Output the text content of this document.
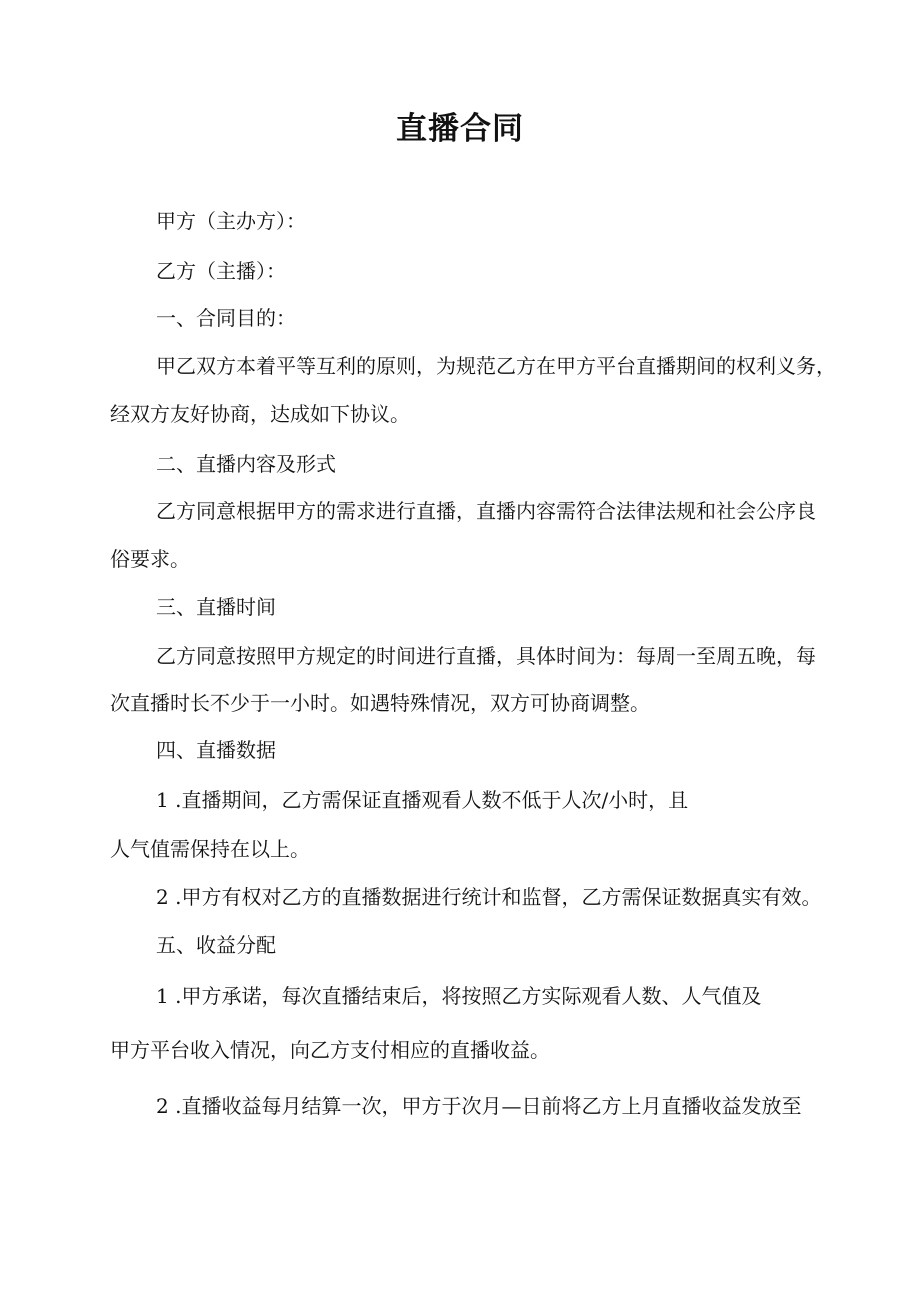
直播合同
甲方（主办方）：
乙方（主播）：
一、合同目的：
甲乙双方本着平等互利的原则，为规范乙方在甲方平台直播期间的权利义务，
经双方友好协商，达成如下协议。
二、直播内容及形式
乙方同意根据甲方的需求进行直播，直播内容需符合法律法规和社会公序良
俗要求。
三、直播时间
乙方同意按照甲方规定的时间进行直播，具体时间为：每周一至周五晚，每
次直播时长不少于一小时。如遇特殊情况，双方可协商调整。
四、直播数据
1 .直播期间，乙方需保证直播观看人数不低于人次/小时，且
人气值需保持在以上。
2 .甲方有权对乙方的直播数据进行统计和监督，乙方需保证数据真实有效。
五、收益分配
1 .甲方承诺，每次直播结束后，将按照乙方实际观看人数、人气值及
甲方平台收入情况，向乙方支付相应的直播收益。
2 .直播收益每月结算一次，甲方于次月—日前将乙方上月直播收益发放至
